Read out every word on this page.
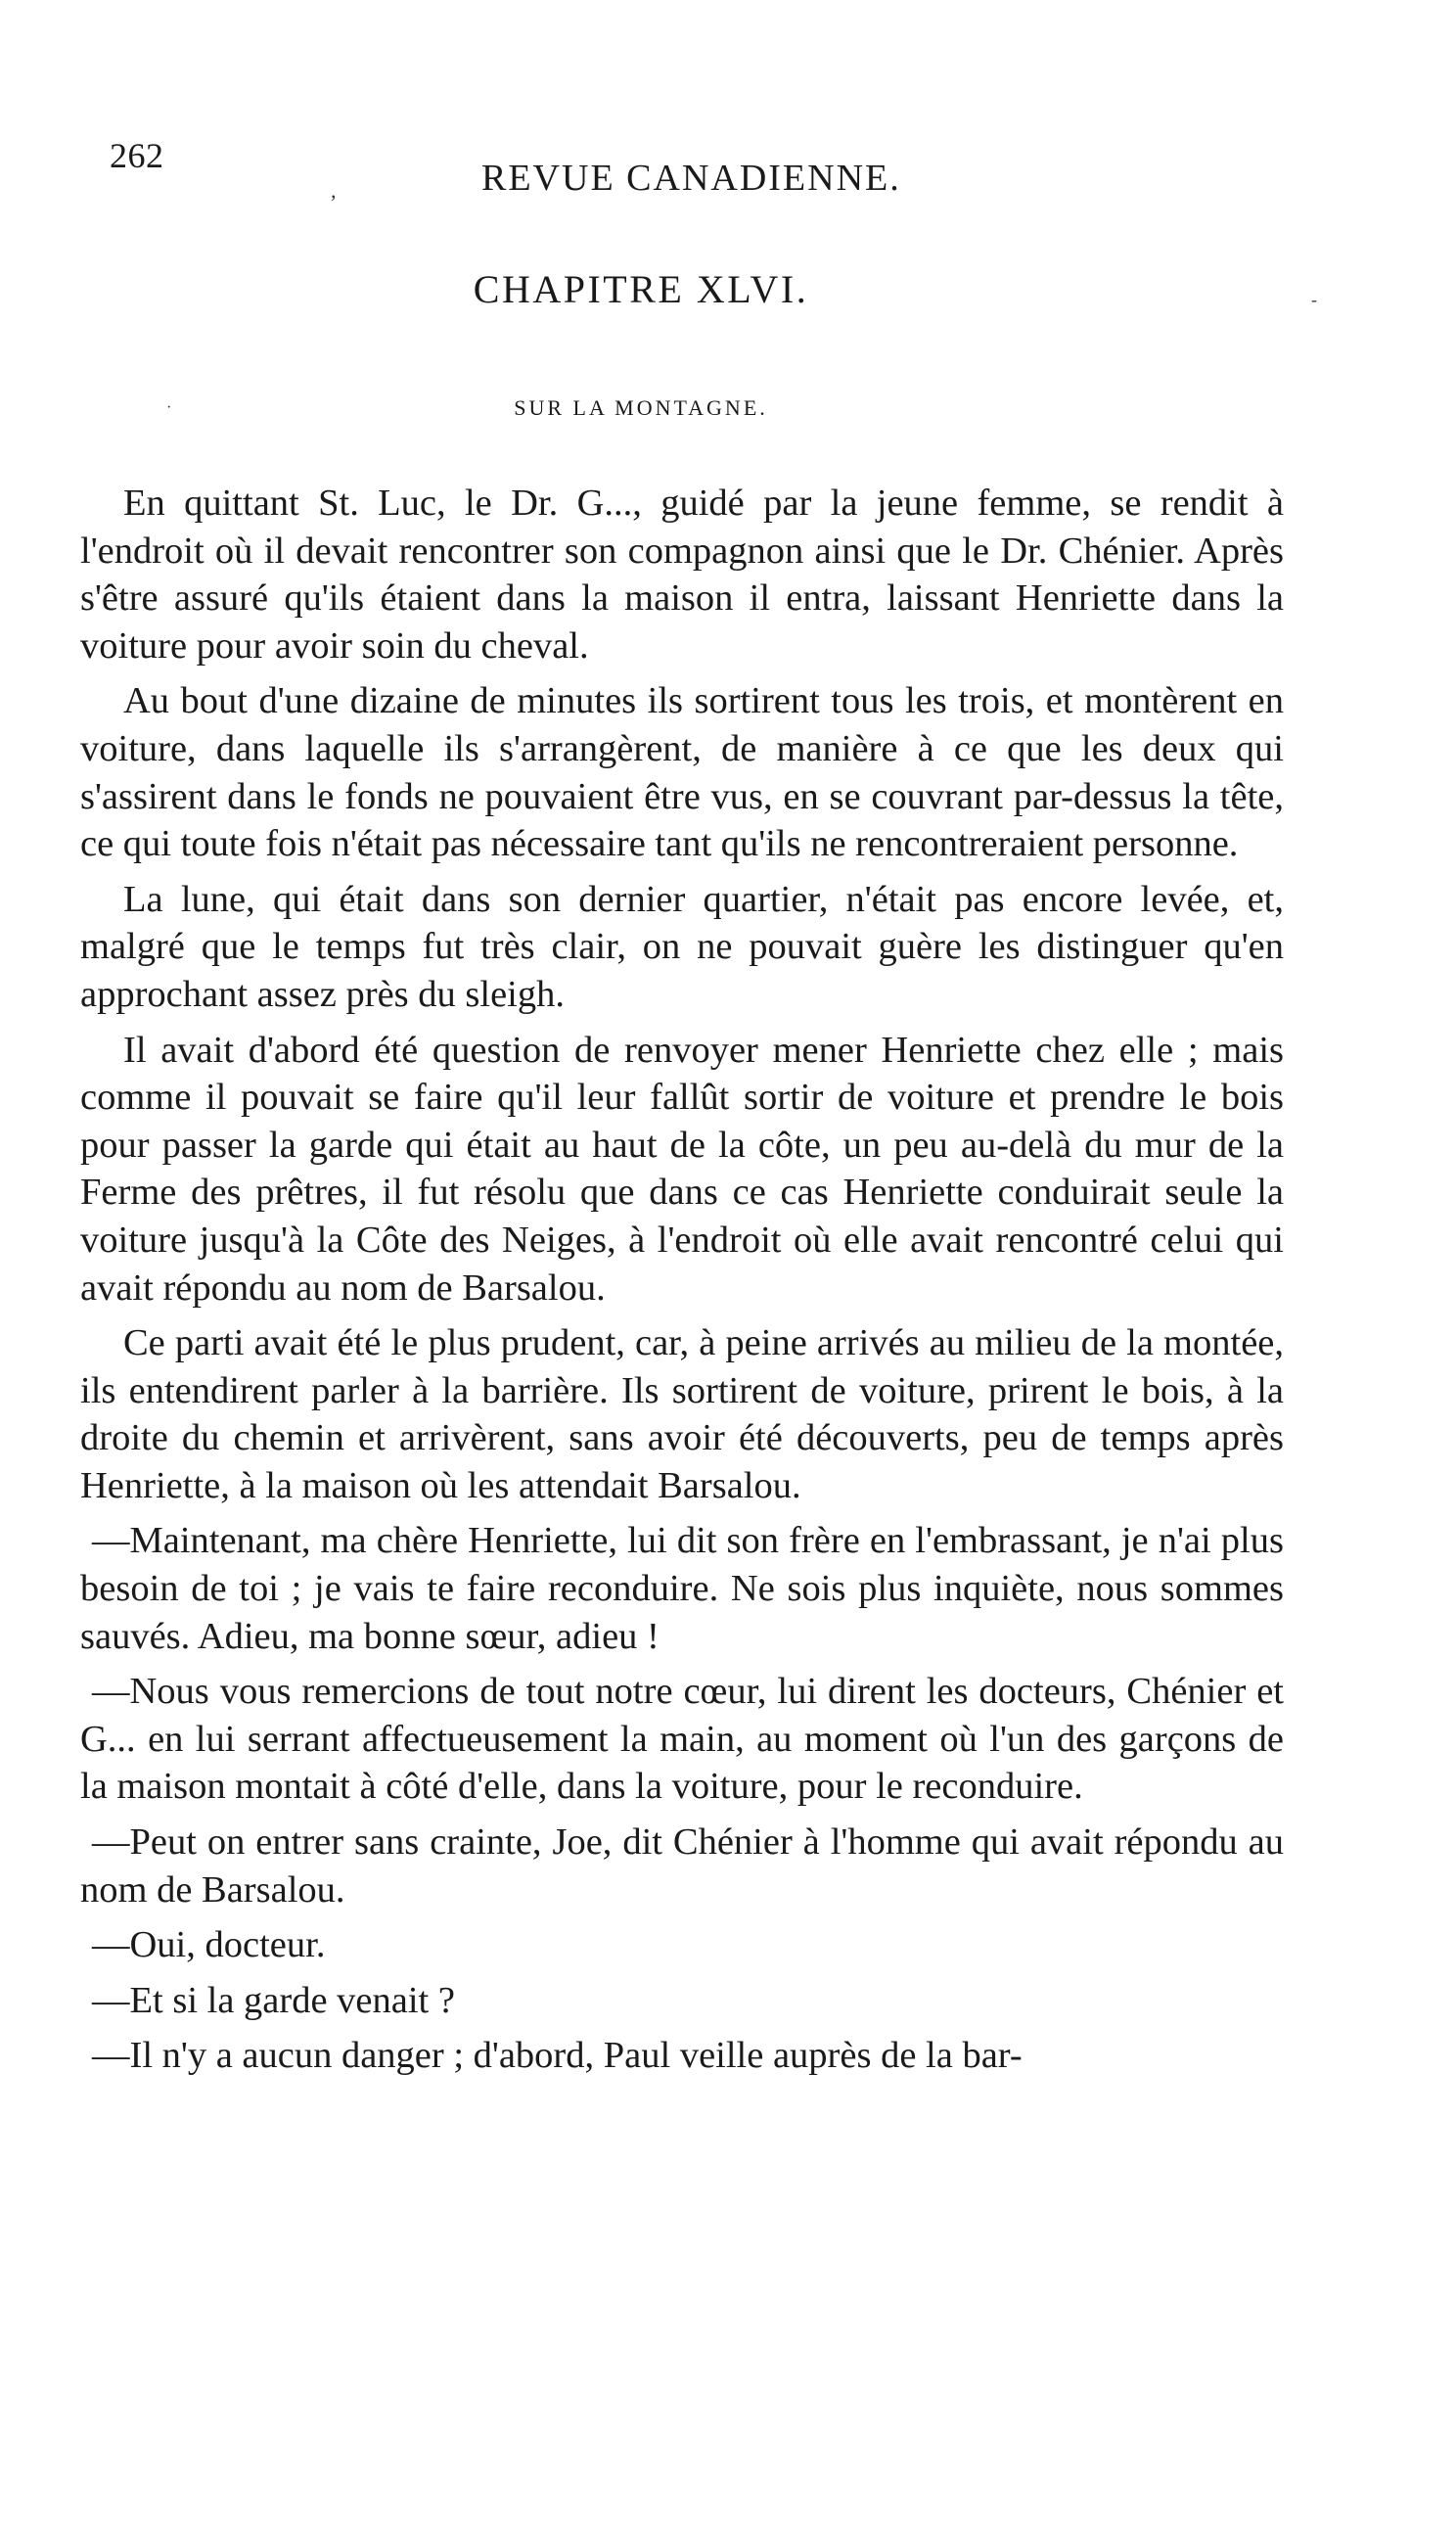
262
REVUE CANADIENNE.
,
-
·
CHAPITRE XLVI.
SUR LA MONTAGNE.

En quittant St. Luc, le Dr. G..., guidé par la jeune femme, se rendit à l'endroit où il devait rencontrer son compagnon ainsi que le Dr. Chénier. Après s'être assuré qu'ils étaient dans la maison il entra, laissant Henriette dans la voiture pour avoir soin du cheval.

Au bout d'une dizaine de minutes ils sortirent tous les trois, et montèrent en voiture, dans laquelle ils s'arrangèrent, de manière à ce que les deux qui s'assirent dans le fonds ne pouvaient être vus, en se couvrant par-dessus la tête, ce qui toute fois n'était pas nécessaire tant qu'ils ne rencontreraient personne.

La lune, qui était dans son dernier quartier, n'était pas encore levée, et, malgré que le temps fut très clair, on ne pouvait guère les distinguer qu'en approchant assez près du sleigh.

Il avait d'abord été question de renvoyer mener Henriette chez elle ; mais comme il pouvait se faire qu'il leur fallût sortir de voiture et prendre le bois pour passer la garde qui était au haut de la côte, un peu au-delà du mur de la Ferme des prêtres, il fut résolu que dans ce cas Henriette conduirait seule la voiture jusqu'à la Côte des Neiges, à l'endroit où elle avait rencontré celui qui avait répondu au nom de Barsalou.

Ce parti avait été le plus prudent, car, à peine arrivés au milieu de la montée, ils entendirent parler à la barrière. Ils sortirent de voiture, prirent le bois, à la droite du chemin et arrivèrent, sans avoir été découverts, peu de temps après Henriette, à la maison où les attendait Barsalou.

—Maintenant, ma chère Henriette, lui dit son frère en l'embrassant, je n'ai plus besoin de toi ; je vais te faire reconduire. Ne sois plus inquiète, nous sommes sauvés. Adieu, ma bonne sœur, adieu !

—Nous vous remercions de tout notre cœur, lui dirent les docteurs, Chénier et G... en lui serrant affectueusement la main, au moment où l'un des garçons de la maison montait à côté d'elle, dans la voiture, pour le reconduire.

—Peut on entrer sans crainte, Joe, dit Chénier à l'homme qui avait répondu au nom de Barsalou.

—Oui, docteur.

—Et si la garde venait ?

—Il n'y a aucun danger ; d'abord, Paul veille auprès de la bar-
